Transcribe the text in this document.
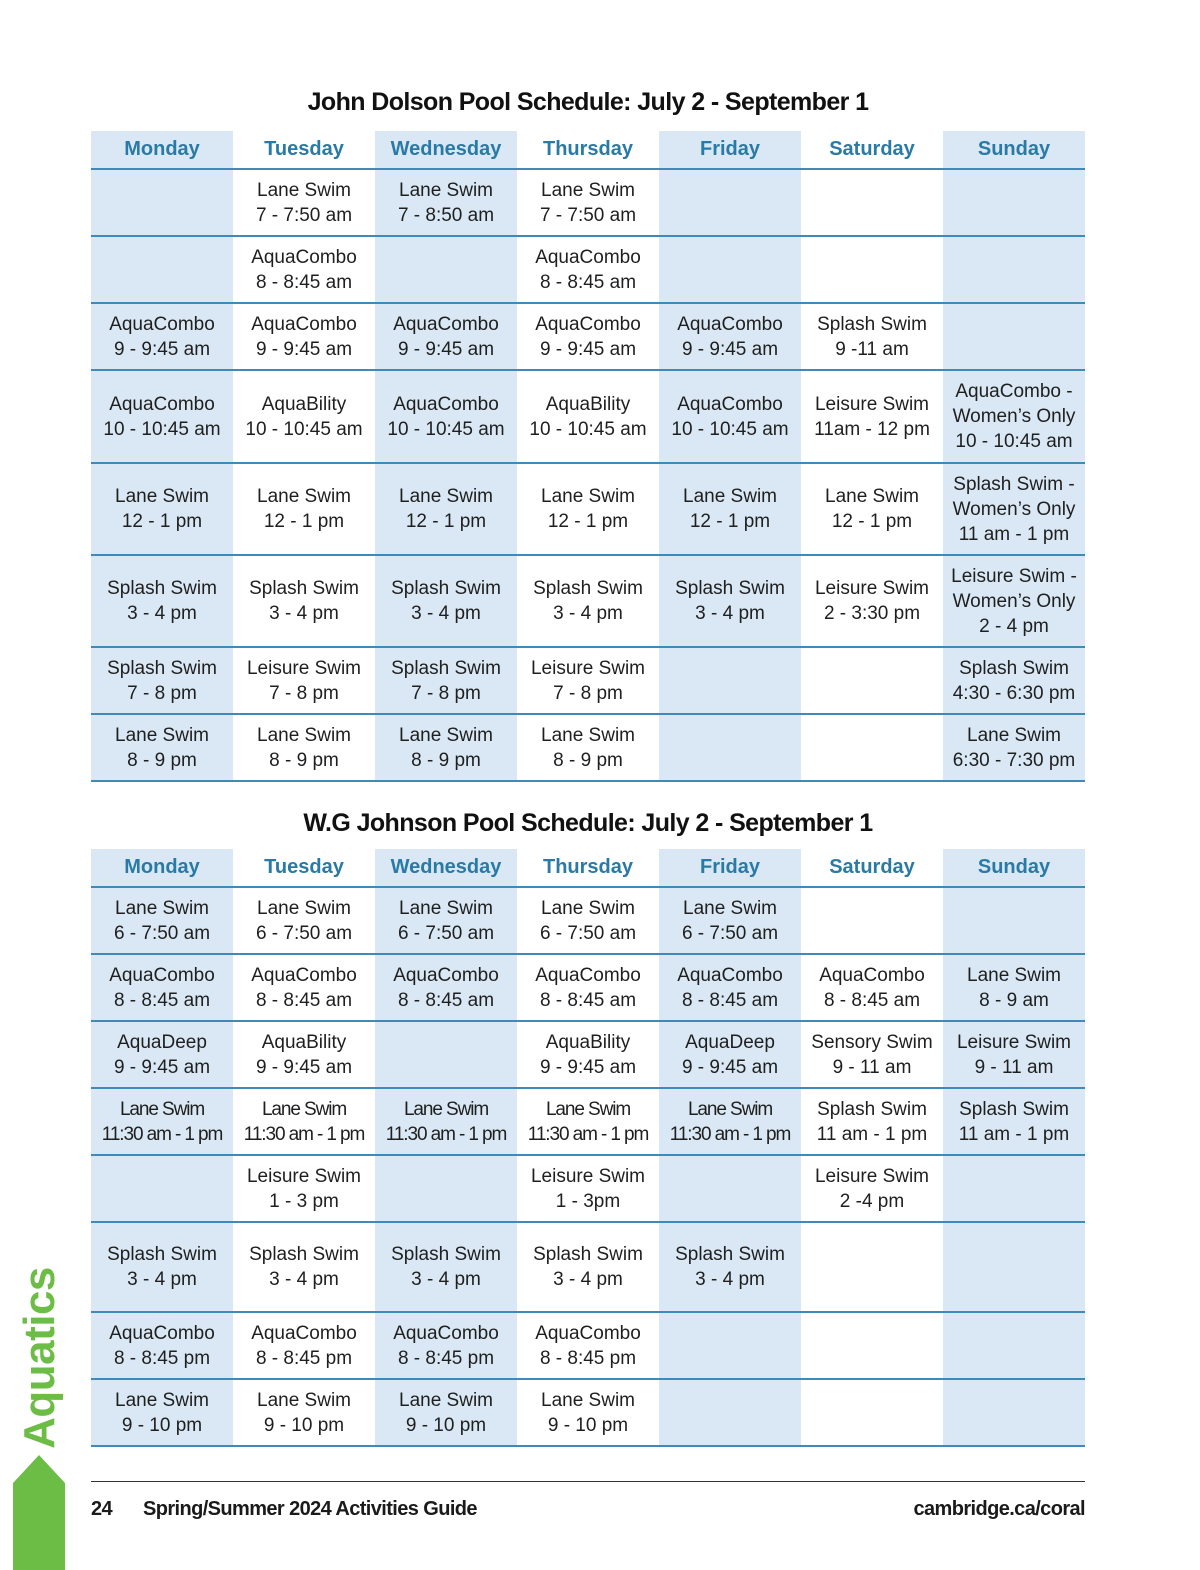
John Dolson Pool Schedule: July 2 - September 1
Monday	Tuesday	Wednesday	Thursday	Friday	Saturday	Sunday

	Lane Swim
7 - 7:50 am	Lane Swim
7 - 8:50 am	Lane Swim
7 - 7:50 am			

	AquaCombo
8 - 8:45 am		AquaCombo
8 - 8:45 am			

AquaCombo
9 - 9:45 am	AquaCombo
9 - 9:45 am	AquaCombo
9 - 9:45 am	AquaCombo
9 - 9:45 am	AquaCombo
9 - 9:45 am	Splash Swim
9 -11 am	

AquaCombo
10 - 10:45 am	AquaBility
10 - 10:45 am	AquaCombo
10 - 10:45 am	AquaBility
10 - 10:45 am	AquaCombo
10 - 10:45 am	Leisure Swim
11am - 12 pm	AquaCombo -
Women’s Only
10 - 10:45 am

Lane Swim
12 - 1 pm	Lane Swim
12 - 1 pm	Lane Swim
12 - 1 pm	Lane Swim
12 - 1 pm	Lane Swim
12 - 1 pm	Lane Swim
12 - 1 pm	Splash Swim -
Women’s Only
11 am - 1 pm

Splash Swim
3 - 4 pm	Splash Swim
3 - 4 pm	Splash Swim
3 - 4 pm	Splash Swim
3 - 4 pm	Splash Swim
3 - 4 pm	Leisure Swim
2 - 3:30 pm	Leisure Swim -
Women’s Only
2 - 4 pm

Splash Swim
7 - 8 pm	Leisure Swim
7 - 8 pm	Splash Swim
7 - 8 pm	Leisure Swim
7 - 8 pm			Splash Swim
4:30 - 6:30 pm

Lane Swim
8 - 9 pm	Lane Swim
8 - 9 pm	Lane Swim
8 - 9 pm	Lane Swim
8 - 9 pm			Lane Swim
6:30 - 7:30 pm
W.G Johnson Pool Schedule: July 2 - September 1
Monday	Tuesday	Wednesday	Thursday	Friday	Saturday	Sunday

Lane Swim
6 - 7:50 am	Lane Swim
6 - 7:50 am	Lane Swim
6 - 7:50 am	Lane Swim
6 - 7:50 am	Lane Swim
6 - 7:50 am		

AquaCombo
8 - 8:45 am	AquaCombo
8 - 8:45 am	AquaCombo
8 - 8:45 am	AquaCombo
8 - 8:45 am	AquaCombo
8 - 8:45 am	AquaCombo
8 - 8:45 am	Lane Swim
8 - 9 am

AquaDeep
9 - 9:45 am	AquaBility
9 - 9:45 am		AquaBility
9 - 9:45 am	AquaDeep
9 - 9:45 am	Sensory Swim
9 - 11 am	Leisure Swim
9 - 11 am

Lane Swim
11:30 am - 1 pm	Lane Swim
11:30 am - 1 pm	Lane Swim
11:30 am - 1 pm	Lane Swim
11:30 am - 1 pm	Lane Swim
11:30 am - 1 pm	Splash Swim
11 am - 1 pm	Splash Swim
11 am - 1 pm

	Leisure Swim
1 - 3 pm		Leisure Swim
1 - 3pm		Leisure Swim
2 -4 pm	

Splash Swim
3 - 4 pm	Splash Swim
3 - 4 pm	Splash Swim
3 - 4 pm	Splash Swim
3 - 4 pm	Splash Swim
3 - 4 pm		

AquaCombo
8 - 8:45 pm	AquaCombo
8 - 8:45 pm	AquaCombo
8 - 8:45 pm	AquaCombo
8 - 8:45 pm			

Lane Swim
9 - 10 pm	Lane Swim
9 - 10 pm	Lane Swim
9 - 10 pm	Lane Swim
9 - 10 pm			

Aquatics
24 Spring/Summer 2024 Activities Guide	cambridge.ca/coral
